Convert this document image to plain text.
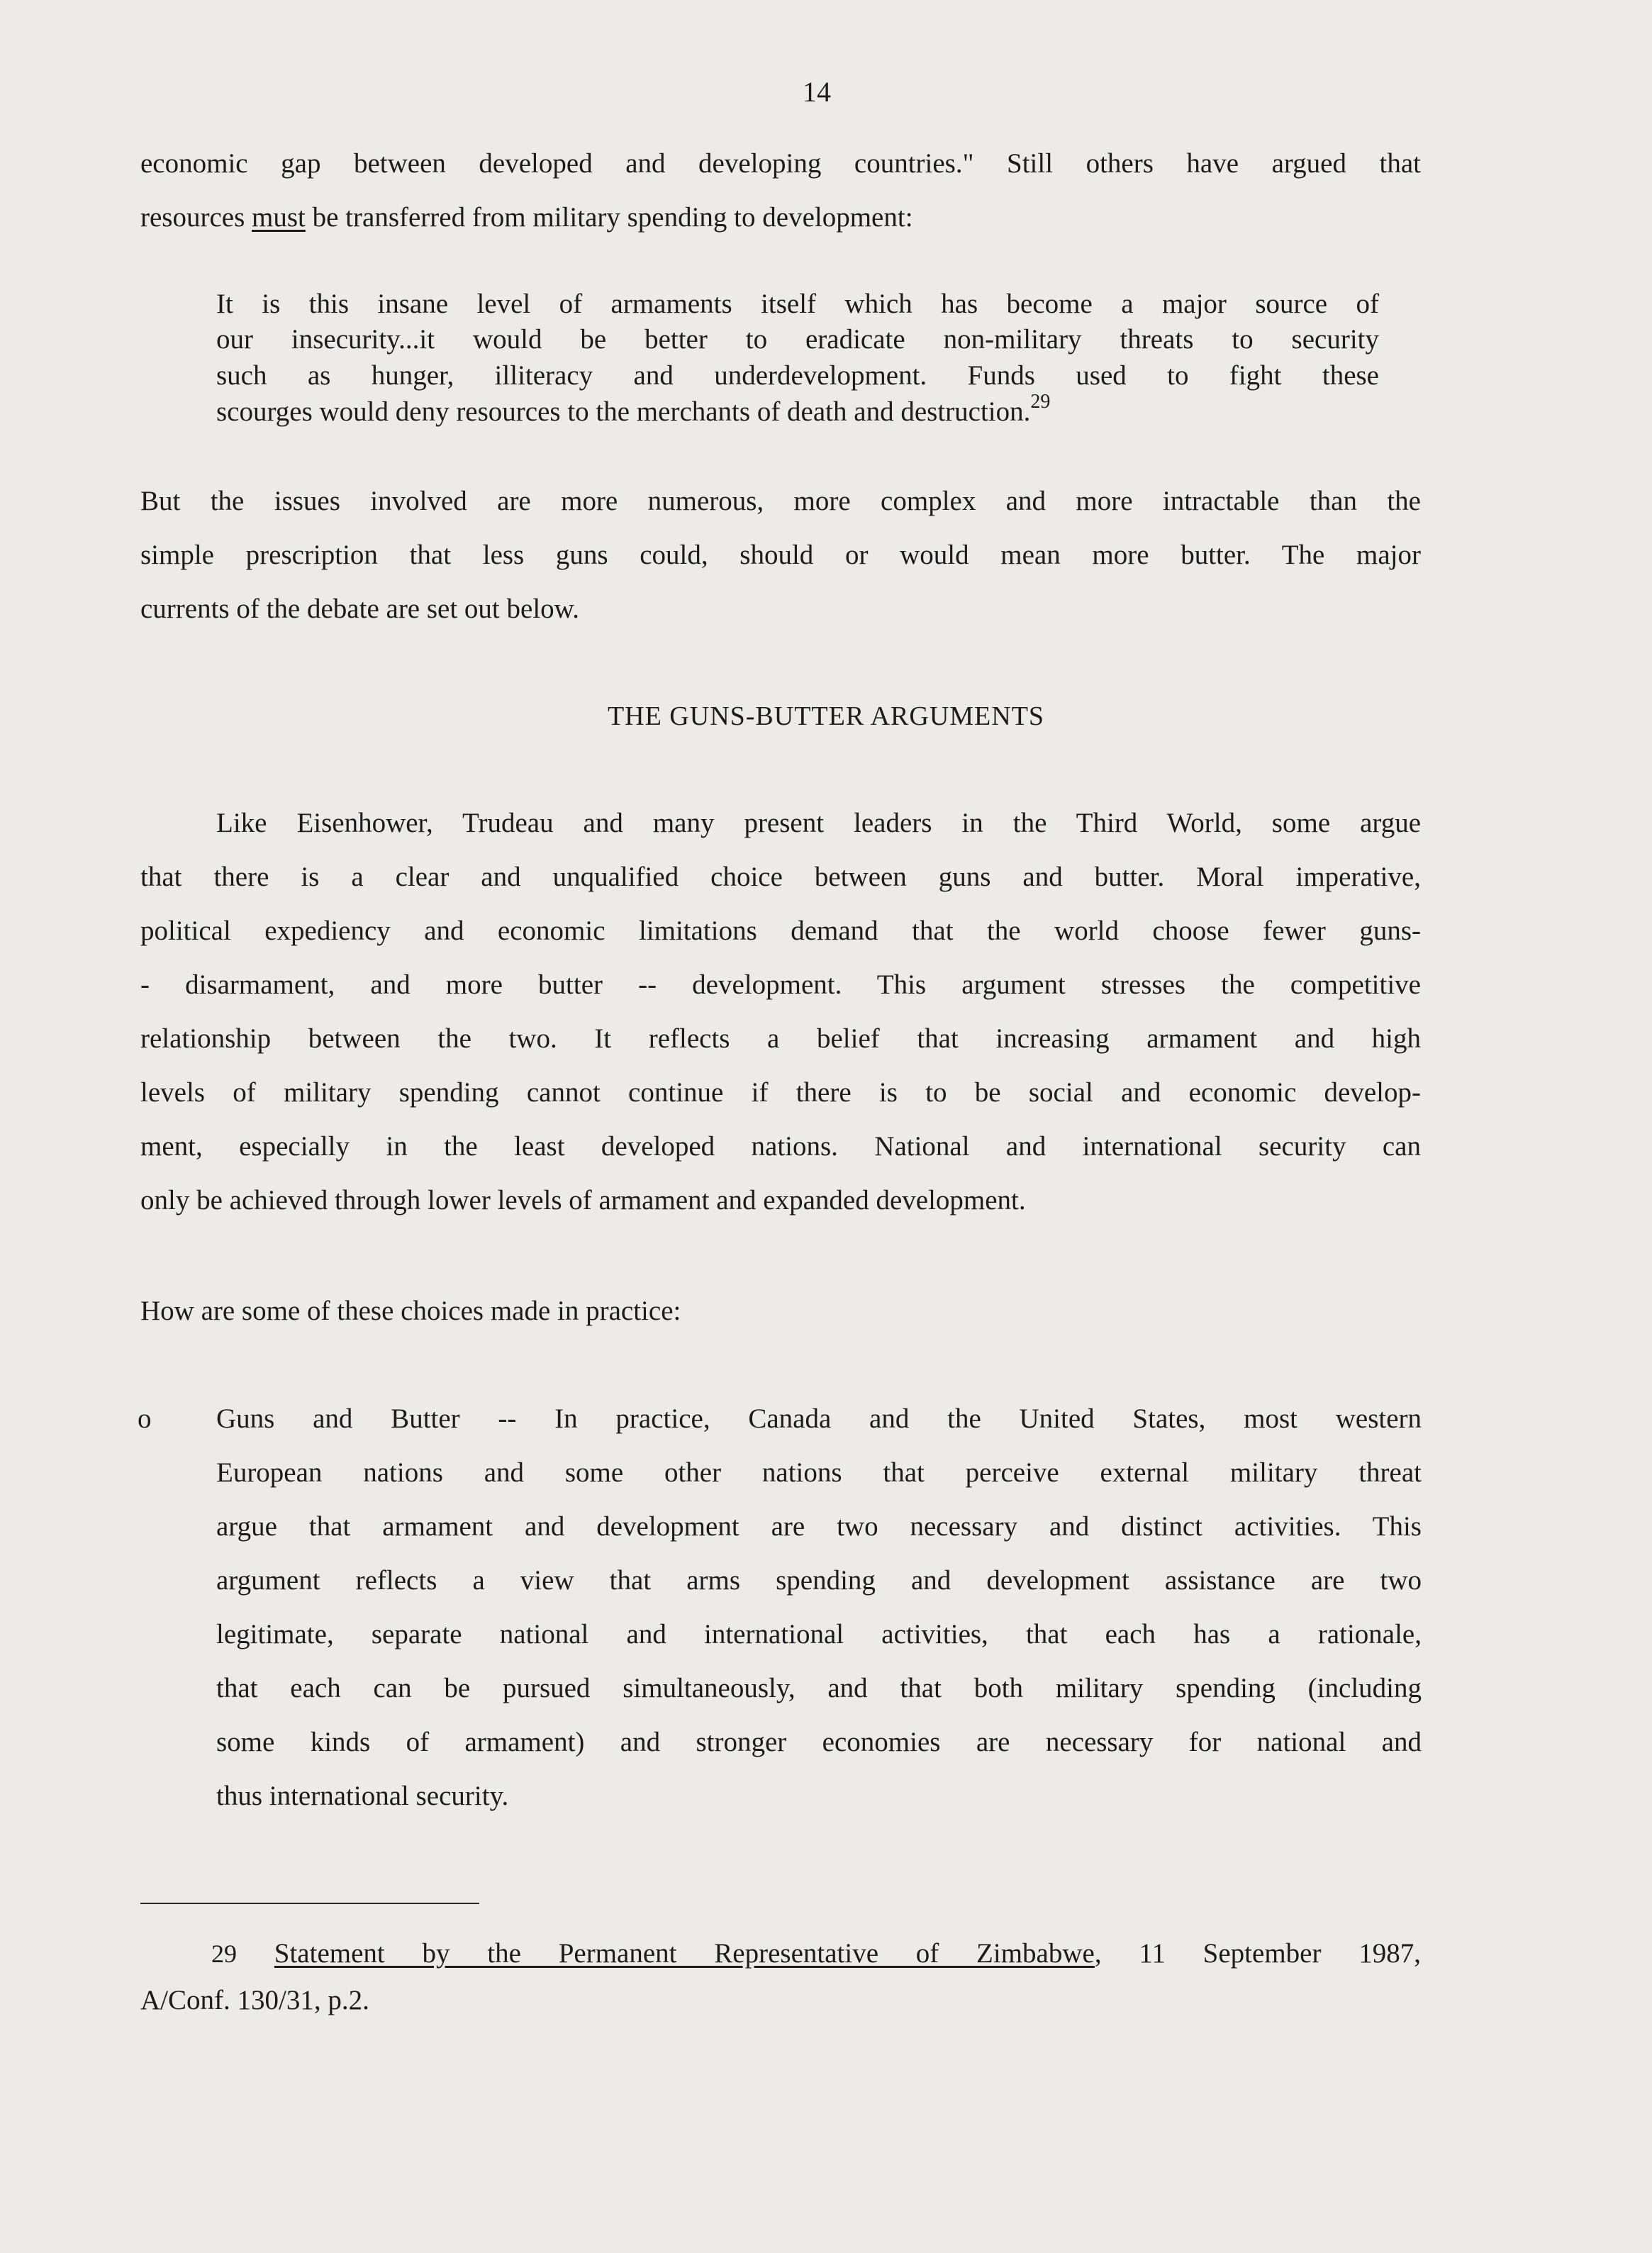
14
economic gap between developed and developing countries." Still others have argued that
resources must be transferred from military spending to development:
It is this insane level of armaments itself which has become a major source of
our insecurity...it would be better to eradicate non-military threats to security
such as hunger, illiteracy and underdevelopment. Funds used to fight these
scourges would deny resources to the merchants of death and destruction.$^{29}$
But the issues involved are more numerous, more complex and more intractable than the
simple prescription that less guns could, should or would mean more butter. The major
currents of the debate are set out below.
THE GUNS-BUTTER ARGUMENTS
Like Eisenhower, Trudeau and many present leaders in the Third World, some argue
that there is a clear and unqualified choice between guns and butter. Moral imperative,
political expediency and economic limitations demand that the world choose fewer guns-
- disarmament, and more butter -- development. This argument stresses the competitive
relationship between the two. It reflects a belief that increasing armament and high
levels of military spending cannot continue if there is to be social and economic develop-
ment, especially in the least developed nations. National and international security can
only be achieved through lower levels of armament and expanded development.
How are some of these choices made in practice:
o Guns and Butter -- In practice, Canada and the United States, most western
European nations and some other nations that perceive external military threat
argue that armament and development are two necessary and distinct activities. This
argument reflects a view that arms spending and development assistance are two
legitimate, separate national and international activities, that each has a rationale,
that each can be pursued simultaneously, and that both military spending (including
some kinds of armament) and stronger economies are necessary for national and
thus international security.
29 Statement by the Permanent Representative of Zimbabwe, 11 September 1987,
A/Conf. 130/31, p.2.
